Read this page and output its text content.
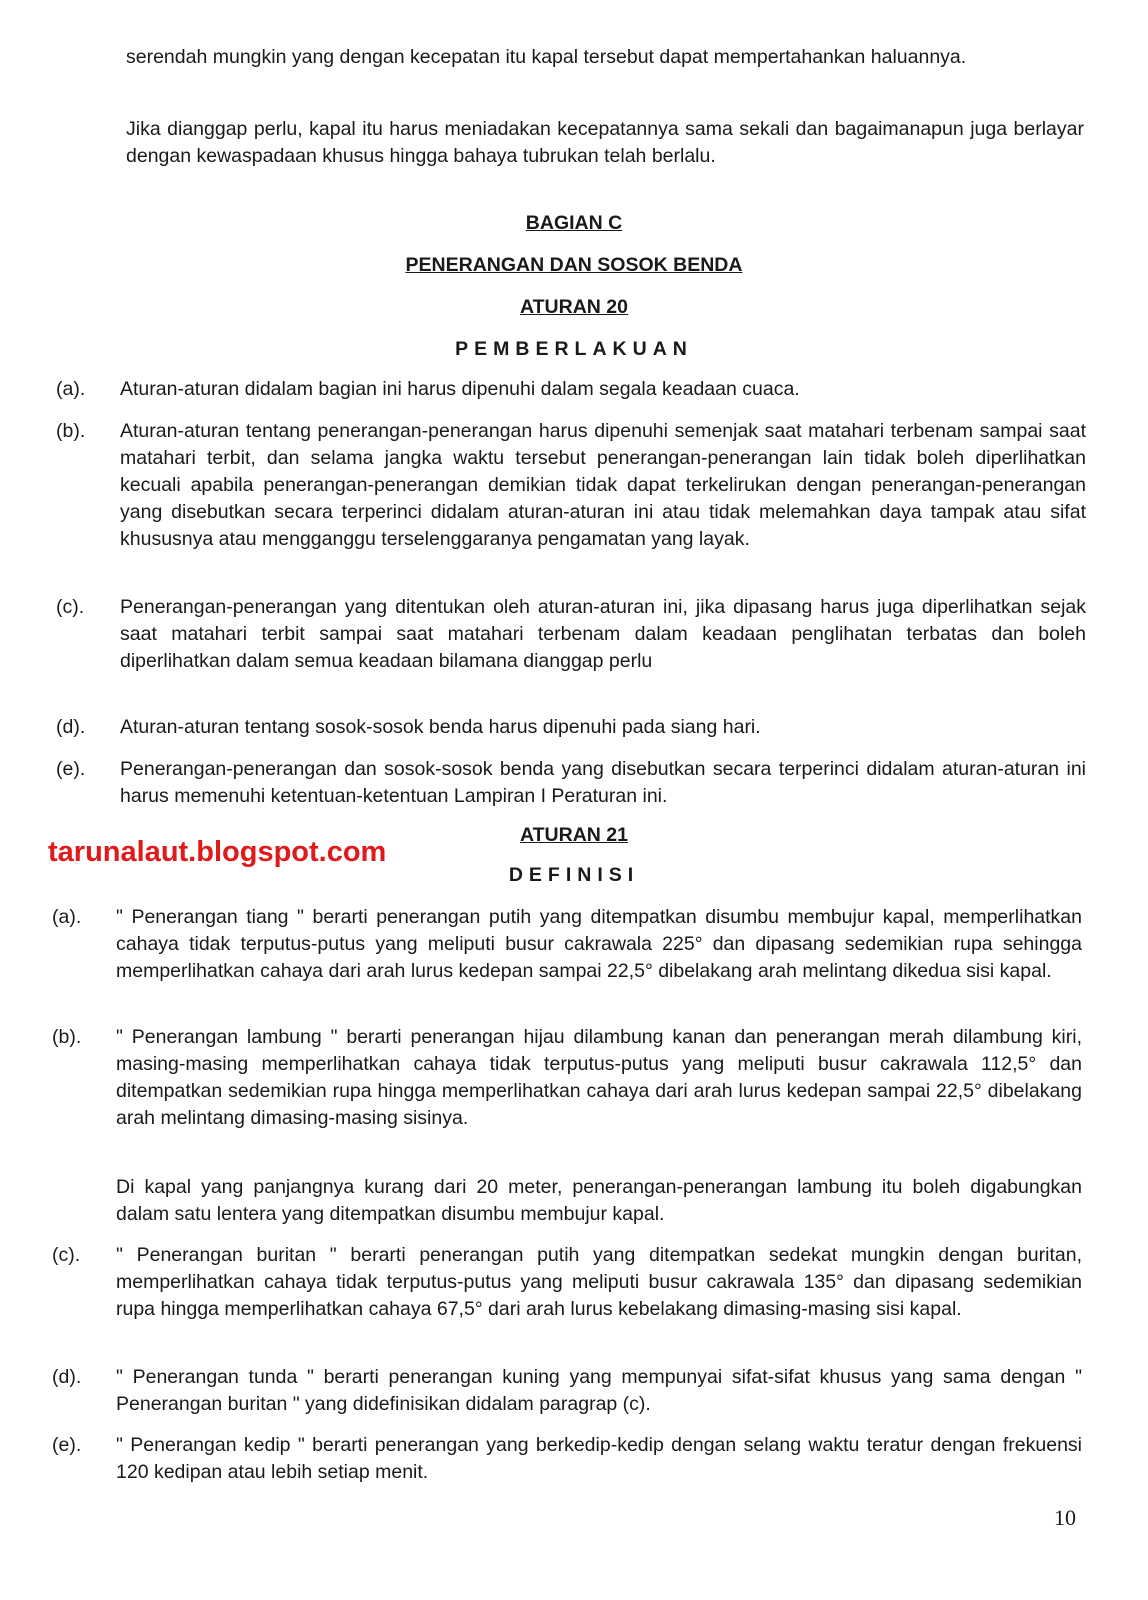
serendah mungkin yang dengan kecepatan itu kapal tersebut dapat mempertahankan haluannya.

Jika dianggap perlu, kapal itu harus meniadakan kecepatannya sama sekali dan bagaimanapun juga berlayar dengan kewaspadaan khusus hingga bahaya tubrukan telah berlalu.

BAGIAN C

PENERANGAN DAN SOSOK BENDA

ATURAN 20

PEMBERLAKUAN

(a). Aturan-aturan didalam bagian ini harus dipenuhi dalam segala keadaan cuaca.
(b). Aturan-aturan tentang penerangan-penerangan harus dipenuhi semenjak saat matahari terbenam sampai saat matahari terbit, dan selama jangka waktu tersebut penerangan-penerangan lain tidak boleh diperlihatkan kecuali apabila penerangan-penerangan demikian tidak dapat terkelirukan dengan penerangan-penerangan yang disebutkan secara terperinci didalam aturan-aturan ini atau tidak melemahkan daya tampak atau sifat khususnya atau mengganggu terselenggaranya pengamatan yang layak.
(c). Penerangan-penerangan yang ditentukan oleh aturan-aturan ini, jika dipasang harus juga diperlihatkan sejak saat matahari terbit sampai saat matahari terbenam dalam keadaan penglihatan terbatas dan boleh diperlihatkan dalam semua keadaan bilamana dianggap perlu
(d). Aturan-aturan tentang sosok-sosok benda harus dipenuhi pada siang hari.
(e). Penerangan-penerangan dan sosok-sosok benda yang disebutkan secara terperinci didalam aturan-aturan ini harus memenuhi ketentuan-ketentuan Lampiran I Peraturan ini.

tarunalaut.blogspot.com

ATURAN 21

DEFINISI

(a). " Penerangan tiang " berarti penerangan putih yang ditempatkan disumbu membujur kapal, memperlihatkan cahaya tidak terputus-putus yang meliputi busur cakrawala 225° dan dipasang sedemikian rupa sehingga memperlihatkan cahaya dari arah lurus kedepan sampai 22,5° dibelakang arah melintang dikedua sisi kapal.
(b). " Penerangan lambung " berarti penerangan hijau dilambung kanan dan penerangan merah dilambung kiri, masing-masing memperlihatkan cahaya tidak terputus-putus yang meliputi busur cakrawala 112,5° dan ditempatkan sedemikian rupa hingga memperlihatkan cahaya dari arah lurus kedepan sampai 22,5° dibelakang arah melintang dimasing-masing sisinya.
Di kapal yang panjangnya kurang dari 20 meter, penerangan-penerangan lambung itu boleh digabungkan dalam satu lentera yang ditempatkan disumbu membujur kapal.
(c). " Penerangan buritan " berarti penerangan putih yang ditempatkan sedekat mungkin dengan buritan, memperlihatkan cahaya tidak terputus-putus yang meliputi busur cakrawala 135° dan dipasang sedemikian rupa hingga memperlihatkan cahaya 67,5° dari arah lurus kebelakang dimasing-masing sisi kapal.
(d). " Penerangan tunda " berarti penerangan kuning yang mempunyai sifat-sifat khusus yang sama dengan " Penerangan buritan " yang didefinisikan didalam paragrap (c).
(e). " Penerangan kedip " berarti penerangan yang berkedip-kedip dengan selang waktu teratur dengan frekuensi 120 kedipan atau lebih setiap menit.

10
